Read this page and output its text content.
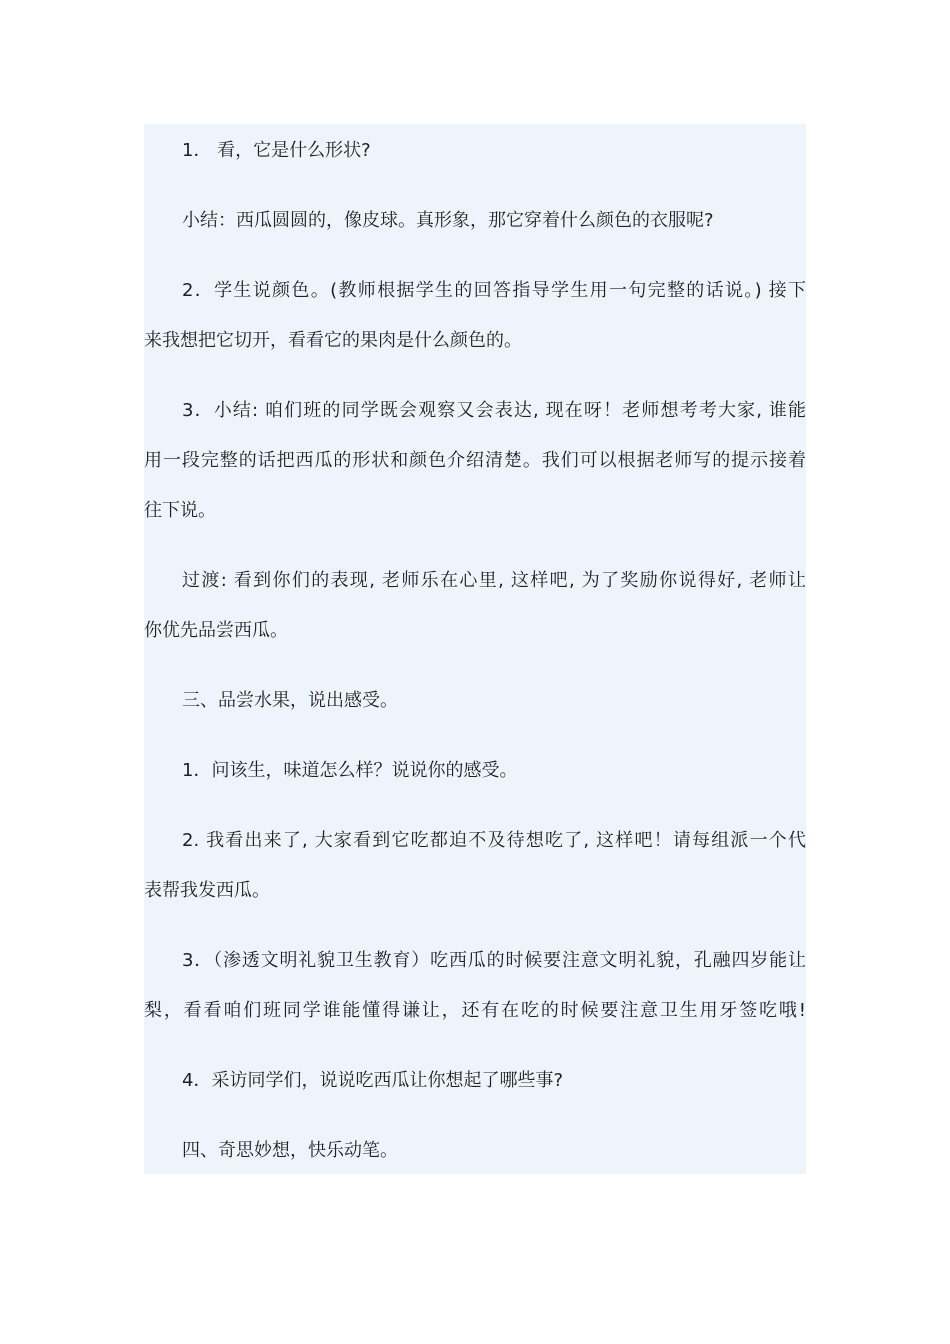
1． 看，它是什么形状?
小结：西瓜圆圆的，像皮球。真形象，那它穿着什么颜色的衣服呢?
2．学生说颜色。(教师根据学生的回答指导学生用一句完整的话说。) 接下
来我想把它切开，看看它的果肉是什么颜色的。
3．小结: 咱们班的同学既会观察又会表达, 现在呀！老师想考考大家, 谁能
用一段完整的话把西瓜的形状和颜色介绍清楚。我们可以根据老师写的提示接着
往下说。
过渡: 看到你们的表现, 老师乐在心里, 这样吧, 为了奖励你说得好, 老师让
你优先品尝西瓜。
三、品尝水果，说出感受。
1．问该生，味道怎么样？说说你的感受。
2. 我看出来了, 大家看到它吃都迫不及待想吃了, 这样吧！请每组派一个代
表帮我发西瓜。
3．（渗透文明礼貌卫生教育）吃西瓜的时候要注意文明礼貌，孔融四岁能让
梨，看看咱们班同学谁能懂得谦让，还有在吃的时候要注意卫生用牙签吃哦!
4．采访同学们，说说吃西瓜让你想起了哪些事?
四、奇思妙想，快乐动笔。
